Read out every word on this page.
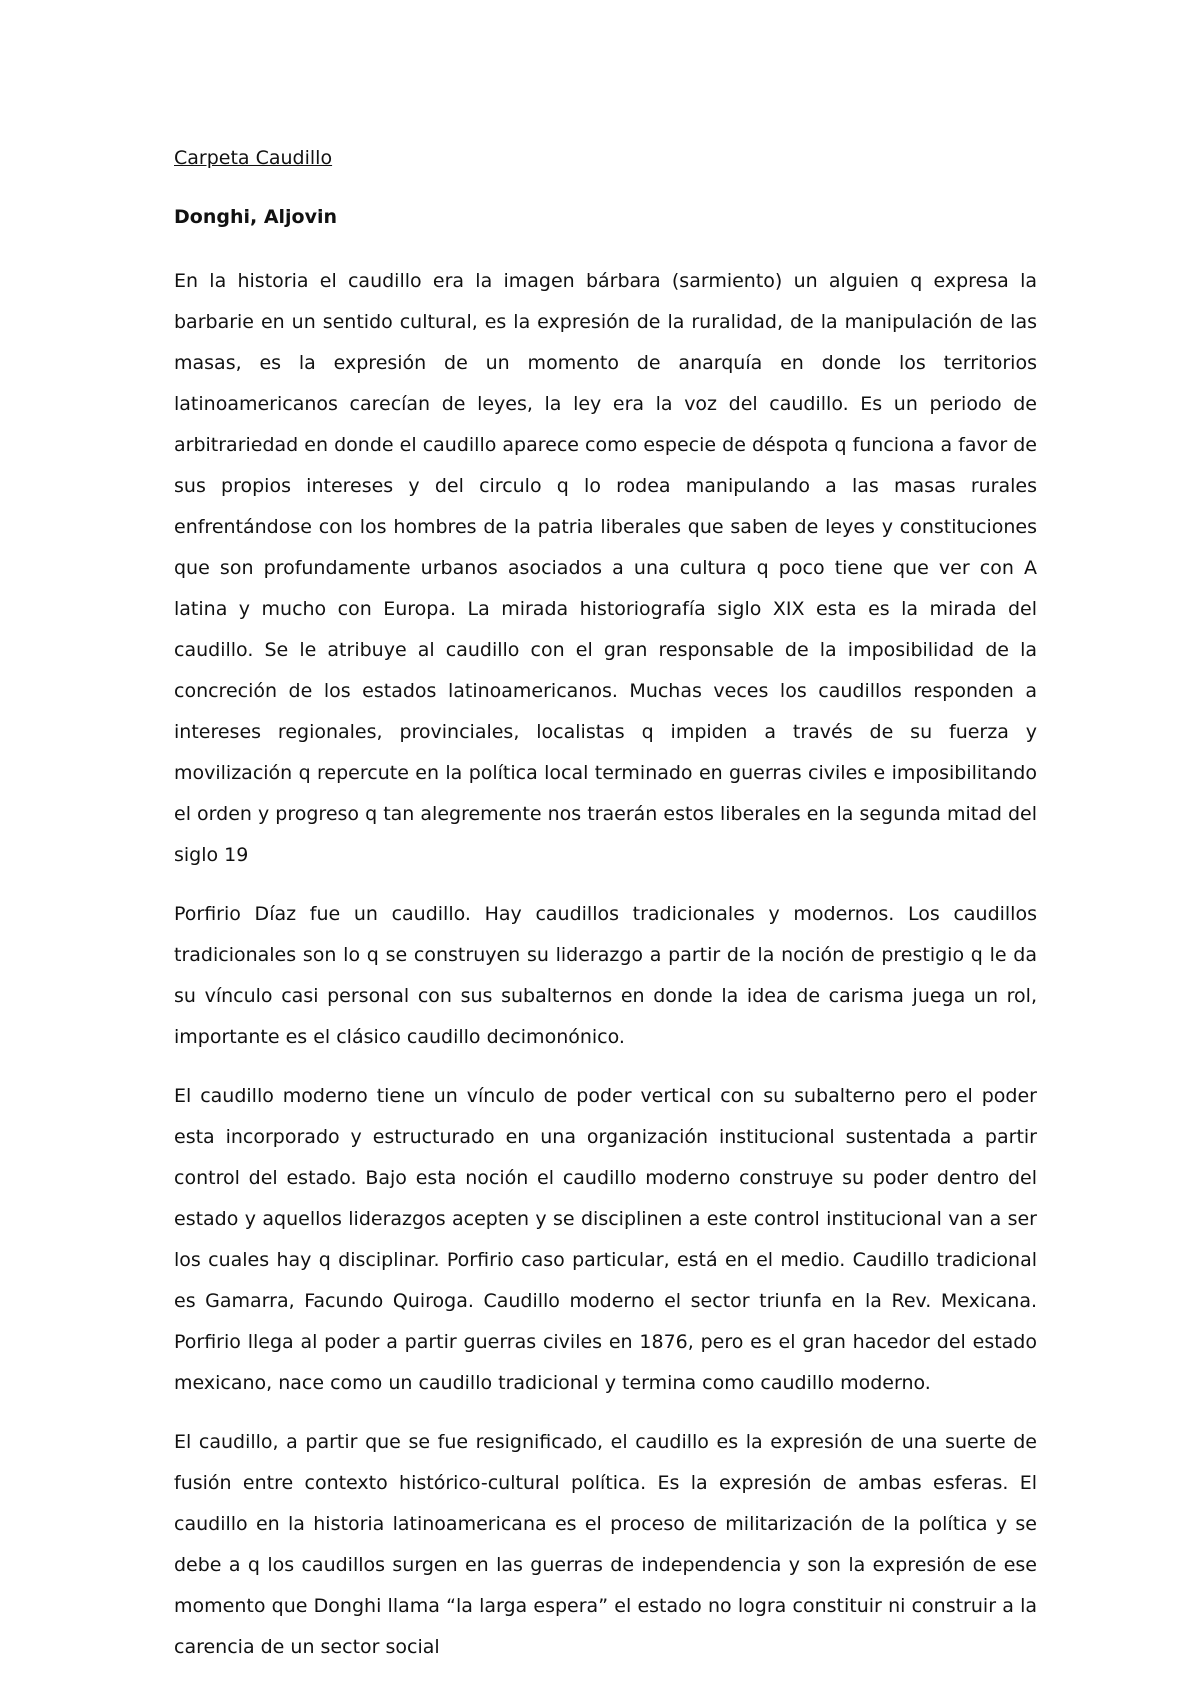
Carpeta Caudillo

Donghi, Aljovin

En la historia el caudillo era la imagen bárbara (sarmiento) un alguien q expresa la barbarie en un sentido cultural, es la expresión de la ruralidad, de la manipulación de las masas, es la expresión de un momento de anarquía en donde los territorios latinoamericanos carecían de leyes, la ley era la voz del caudillo. Es un periodo de arbitrariedad en donde el caudillo aparece como especie de déspota q funciona a favor de sus propios intereses y del circulo q lo rodea manipulando a las masas rurales enfrentándose con los hombres de la patria liberales que saben de leyes y constituciones que son profundamente urbanos asociados a una cultura q poco tiene que ver con A latina y mucho con Europa. La mirada historiografía siglo XIX esta es la mirada del caudillo. Se le atribuye al caudillo con el gran responsable de la imposibilidad de la concreción de los estados latinoamericanos. Muchas veces los caudillos responden a intereses regionales, provinciales, localistas q impiden a través de su fuerza y movilización q repercute en la política local terminado en guerras civiles e imposibilitando el orden y progreso q tan alegremente nos traerán estos liberales en la segunda mitad del siglo 19

Porfirio Díaz fue un caudillo. Hay caudillos tradicionales y modernos. Los caudillos tradicionales son lo q se construyen su liderazgo a partir de la noción de prestigio q le da su vínculo casi personal con sus subalternos en donde la idea de carisma juega un rol, importante es el clásico caudillo decimonónico.

El caudillo moderno tiene un vínculo de poder vertical con su subalterno pero el poder esta incorporado y estructurado en una organización institucional sustentada a partir control del estado. Bajo esta noción el caudillo moderno construye su poder dentro del estado y aquellos liderazgos acepten y se disciplinen a este control institucional van a ser los cuales hay q disciplinar. Porfirio caso particular, está en el medio. Caudillo tradicional es Gamarra, Facundo Quiroga. Caudillo moderno el sector triunfa en la Rev. Mexicana. Porfirio llega al poder a partir guerras civiles en 1876, pero es el gran hacedor del estado mexicano, nace como un caudillo tradicional y termina como caudillo moderno.

El caudillo, a partir que se fue resignificado, el caudillo es la expresión de una suerte de fusión entre contexto histórico-cultural política. Es la expresión de ambas esferas. El caudillo en la historia latinoamericana es el proceso de militarización de la política y se debe a q los caudillos surgen en las guerras de independencia y son la expresión de ese momento que Donghi llama “la larga espera” el estado no logra constituir ni construir a la carencia de un sector social
